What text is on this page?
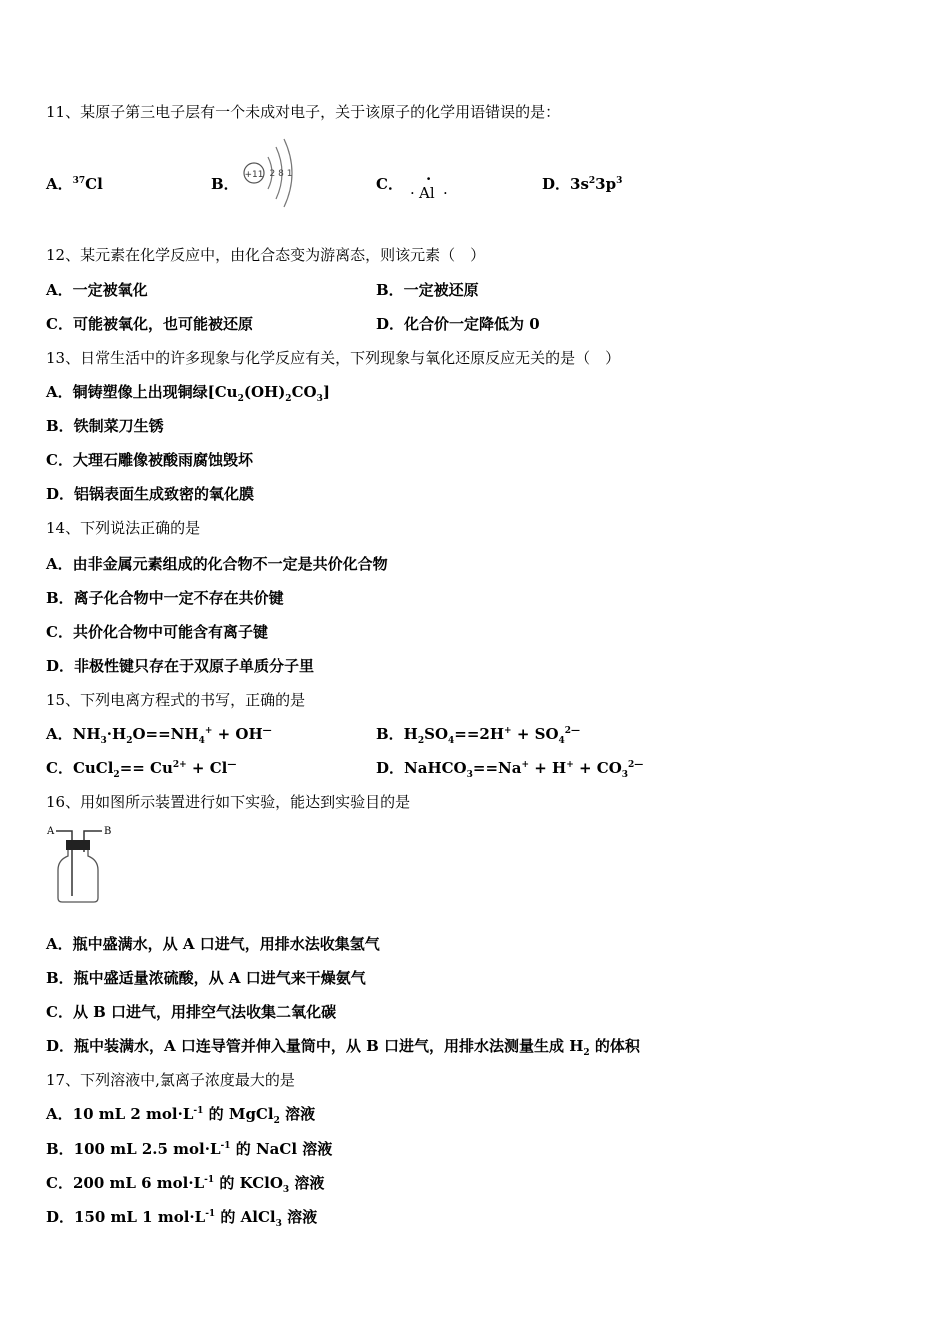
11、某原子第三电子层有一个未成对电子，关于该原子的化学用语错误的是：
A．$^{37}$Cl	B． +11 2 8 1
C． ·
· Al ·	D．$3s^23p^3$
12、某元素在化学反应中，由化合态变为游离态，则该元素（　）
A．一定被氧化	B．一定被还原
C．可能被氧化，也可能被还原	D．化合价一定降低为 0
13、日常生活中的许多现象与化学反应有关，下列现象与氧化还原反应无关的是（　）
A．铜铸塑像上出现铜绿$[Cu_2(OH)_2CO_3]$
B．铁制菜刀生锈
C．大理石雕像被酸雨腐蚀毁坏
D．铝锅表面生成致密的氧化膜
14、下列说法正确的是
A．由非金属元素组成的化合物不一定是共价化合物
B．离子化合物中一定不存在共价键
C．共价化合物中可能含有离子键
D．非极性键只存在于双原子单质分子里
15、下列电离方程式的书写，正确的是
A．$NH_3\cdot H_2O==NH_4^+ + OH^—$	B．$H_2SO_4==2H^+ + SO_4^{2—}$
C．CuCl$_2$== $Cu^{2+} + Cl^—$	D．NaHCO$_3$==Na+ + $H^+ + CO_3^{2—}$
16、用如图所示装置进行如下实验，能达到实验目的是
A	B
A．瓶中盛满水，从 A 口进气，用排水法收集氢气
B．瓶中盛适量浓硫酸，从 A 口进气来干燥氨气
C．从 B 口进气，用排空气法收集二氧化碳
D．瓶中装满水，A 口连导管并伸入量筒中，从 B 口进气，用排水法测量生成 $H_2$ 的体积
17、下列溶液中,氯离子浓度最大的是
A．10 mL 2 $mol\cdot L^{-1}$ 的 MgCl$_2$ 溶液
B．100 mL 2.5 $mol\cdot L^{-1}$ 的 NaCl 溶液
C．200 mL 6 $mol\cdot L^{-1}$ 的 KClO$_3$ 溶液
D．150 mL 1 $mol\cdot L^{-1}$ 的 AlCl$_3$ 溶液
